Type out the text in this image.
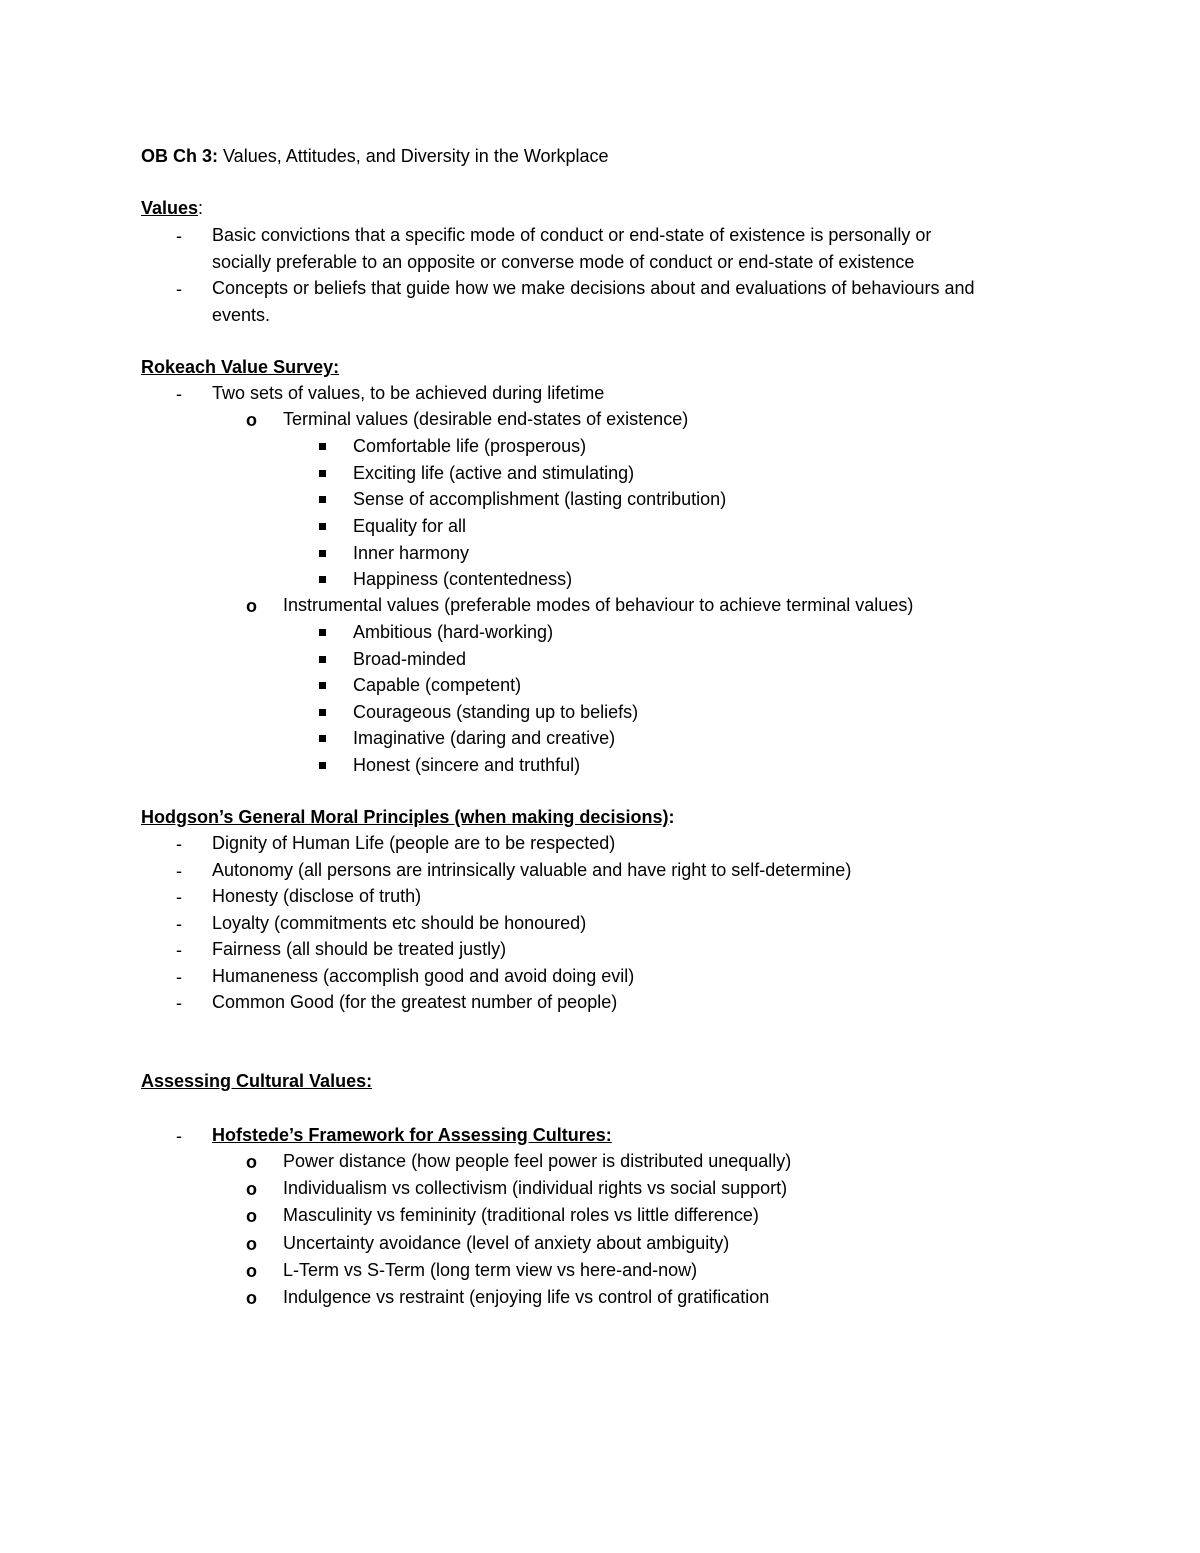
OB Ch 3: Values, Attitudes, and Diversity in the Workplace
Values:
- Basic convictions that a specific mode of conduct or end-state of existence is personally or
socially preferable to an opposite or converse mode of conduct or end-state of existence
- Concepts or beliefs that guide how we make decisions about and evaluations of behaviours and
events.
Rokeach Value Survey:
- Two sets of values, to be achieved during lifetime
o Terminal values (desirable end-states of existence)
Comfortable life (prosperous)
Exciting life (active and stimulating)
Sense of accomplishment (lasting contribution)
Equality for all
Inner harmony
Happiness (contentedness)
o Instrumental values (preferable modes of behaviour to achieve terminal values)
Ambitious (hard-working)
Broad-minded
Capable (competent)
Courageous (standing up to beliefs)
Imaginative (daring and creative)
Honest (sincere and truthful)
Hodgson’s General Moral Principles (when making decisions):
- Dignity of Human Life (people are to be respected)
- Autonomy (all persons are intrinsically valuable and have right to self-determine)
- Honesty (disclose of truth)
- Loyalty (commitments etc should be honoured)
- Fairness (all should be treated justly)
- Humaneness (accomplish good and avoid doing evil)
- Common Good (for the greatest number of people)
Assessing Cultural Values:
- Hofstede’s Framework for Assessing Cultures:
o Power distance (how people feel power is distributed unequally)
o Individualism vs collectivism (individual rights vs social support)
o Masculinity vs femininity (traditional roles vs little difference)
o Uncertainty avoidance (level of anxiety about ambiguity)
o L-Term vs S-Term (long term view vs here-and-now)
o Indulgence vs restraint (enjoying life vs control of gratification
